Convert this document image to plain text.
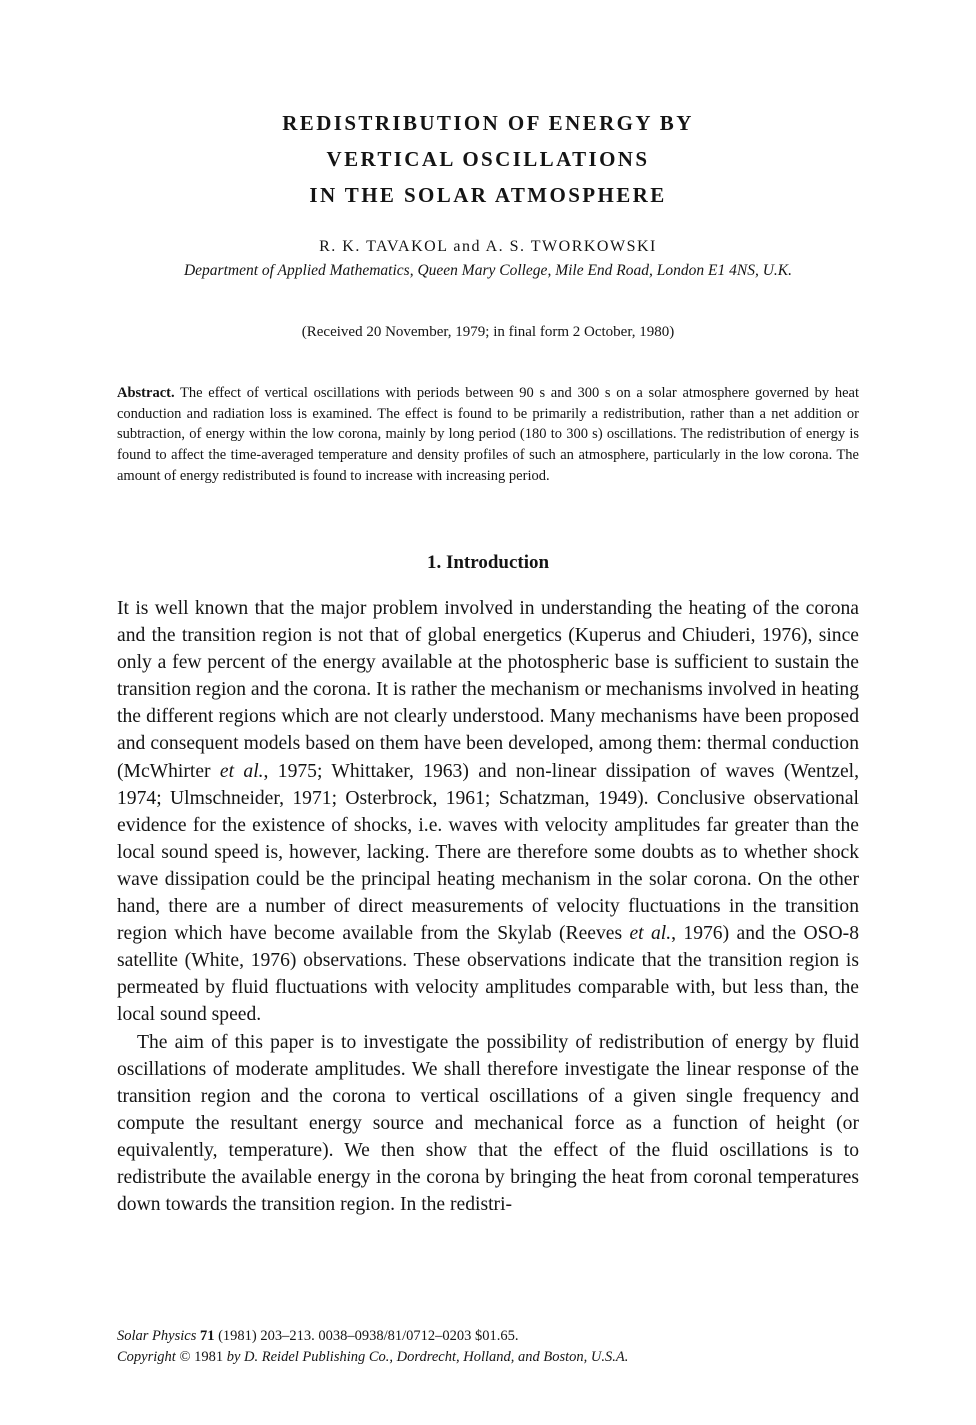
REDISTRIBUTION OF ENERGY BY
VERTICAL OSCILLATIONS
IN THE SOLAR ATMOSPHERE
R. K. TAVAKOL and A. S. TWORKOWSKI
Department of Applied Mathematics, Queen Mary College, Mile End Road, London E1 4NS, U.K.
(Received 20 November, 1979; in final form 2 October, 1980)

Abstract. The effect of vertical oscillations with periods between 90 s and 300 s on a solar atmosphere governed by heat conduction and radiation loss is examined. The effect is found to be primarily a redistribution, rather than a net addition or subtraction, of energy within the low corona, mainly by long period (180 to 300 s) oscillations. The redistribution of energy is found to affect the time-averaged temperature and density profiles of such an atmosphere, particularly in the low corona. The amount of energy redistributed is found to increase with increasing period.

1. Introduction

It is well known that the major problem involved in understanding the heating of the corona and the transition region is not that of global energetics (Kuperus and Chiuderi, 1976), since only a few percent of the energy available at the photospheric base is sufficient to sustain the transition region and the corona. It is rather the mechanism or mechanisms involved in heating the different regions which are not clearly understood. Many mechanisms have been proposed and consequent models based on them have been developed, among them: thermal conduction (McWhirter et al., 1975; Whittaker, 1963) and non-linear dissipation of waves (Wentzel, 1974; Ulmschneider, 1971; Osterbrock, 1961; Schatzman, 1949). Conclusive observational evidence for the existence of shocks, i.e. waves with velocity amplitudes far greater than the local sound speed is, however, lacking. There are therefore some doubts as to whether shock wave dissipation could be the principal heating mechanism in the solar corona. On the other hand, there are a number of direct measurements of velocity fluctuations in the transition region which have become available from the Skylab (Reeves et al., 1976) and the OSO-8 satellite (White, 1976) observations. These observations indicate that the transition region is permeated by fluid fluctuations with velocity amplitudes comparable with, but less than, the local sound speed.

The aim of this paper is to investigate the possibility of redistribution of energy by fluid oscillations of moderate amplitudes. We shall therefore investigate the linear response of the transition region and the corona to vertical oscillations of a given single frequency and compute the resultant energy source and mechanical force as a function of height (or equivalently, temperature). We then show that the effect of the fluid oscillations is to redistribute the available energy in the corona by bringing the heat from coronal temperatures down towards the transition region. In the redistri-

Solar Physics 71 (1981) 203–213. 0038–0938/81/0712–0203 $01.65.
Copyright © 1981 by D. Reidel Publishing Co., Dordrecht, Holland, and Boston, U.S.A.
